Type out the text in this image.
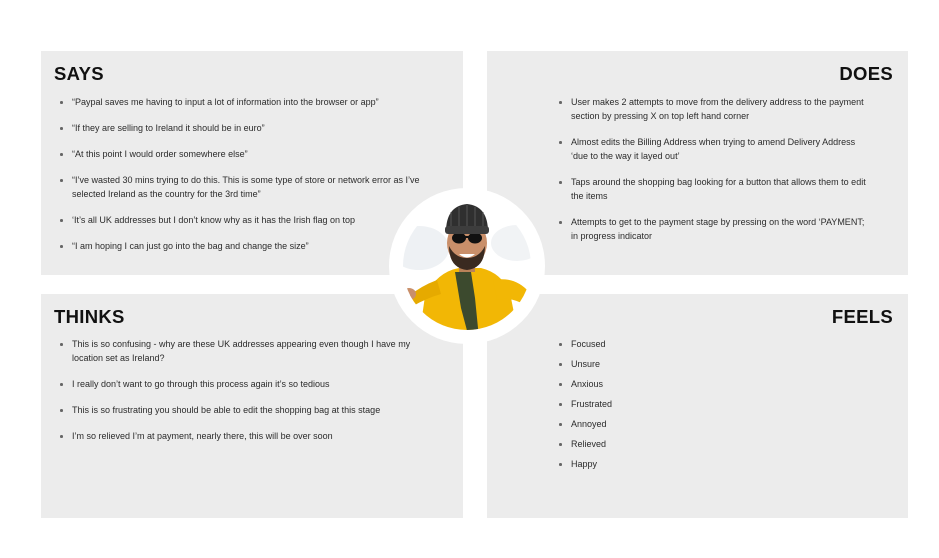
SAYS
“Paypal saves me having to input a lot of information into the browser or app”
“If they are selling to Ireland it should be in euro”
“At this point I would order somewhere else”
“I’ve wasted 30 mins trying to do this. This is some type of store or network error as I’ve selected Ireland as the country for the 3rd time”
‘It’s all UK addresses but I don’t know why as it has the Irish flag on top
“I am hoping I can just go into the bag and change the size”
DOES
User makes 2 attempts to move from the delivery address to the payment section by pressing X on top left hand corner
Almost edits the Billing Address when trying to amend Delivery Address ‘due to the way it layed out’
Taps around the shopping bag looking for a button that allows them to edit the items
Attempts to get to the payment stage by pressing on the word ‘PAYMENT; in progress indicator
THINKS
This is so confusing - why are these UK addresses appearing even though I have my location set as Ireland?
I really don’t want to go through this process again it’s so tedious
This is so frustrating you should be able to edit the shopping bag at this stage
I’m so relieved I’m at payment, nearly there, this will be over soon
FEELS
Focused
Unsure
Anxious
Frustrated
Annoyed
Relieved
Happy
